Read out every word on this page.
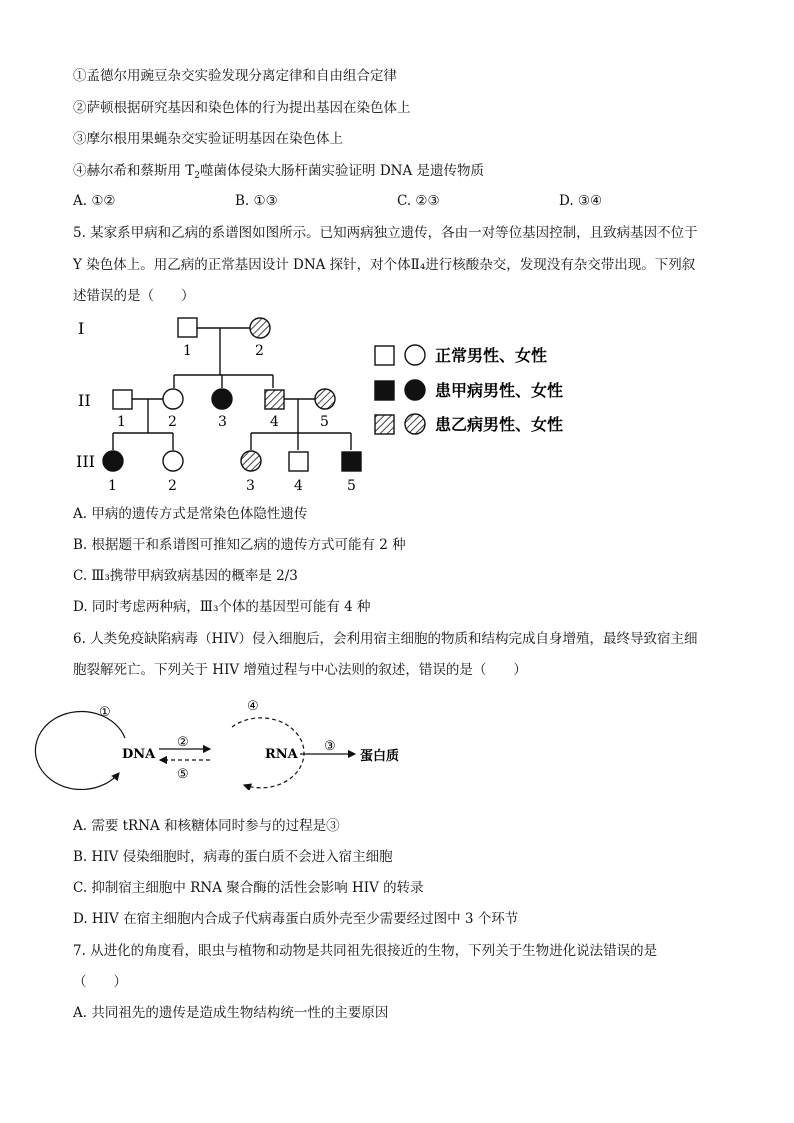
①孟德尔用豌豆杂交实验发现分离定律和自由组合定律
②萨顿根据研究基因和染色体的行为提出基因在染色体上
③摩尔根用果蝇杂交实验证明基因在染色体上
④赫尔希和蔡斯用 $T_2$噬菌体侵染大肠杆菌实验证明 DNA 是遗传物质
A. ①②	B. ①③	C. ②③	D. ③④
5. 某家系甲病和乙病的系谱图如图所示。已知两病独立遗传，各由一对等位基因控制，且致病基因不位于
Y 染色体上。用乙病的正常基因设计 DNA 探针，对个体Ⅱ₄进行核酸杂交，发现没有杂交带出现。下列叙
述错误的是（　　）
I
II
III
1	2
1	2	3	4	5
1	2	3	4	5
正常男性、女性
患甲病男性、女性
患乙病男性、女性
A. 甲病的遗传方式是常染色体隐性遗传
B. 根据题干和系谱图可推知乙病的遗传方式可能有 2 种
C. Ⅲ₃携带甲病致病基因的概率是 2/3
D. 同时考虑两种病，Ⅲ₃个体的基因型可能有 4 种
6. 人类免疫缺陷病毒（HIV）侵入细胞后，会利用宿主细胞的物质和结构完成自身增殖，最终导致宿主细
胞裂解死亡。下列关于 HIV 增殖过程与中心法则的叙述，错误的是（　　）
DNA	RNA	蛋白质
①
②	③
④
⑤
A. 需要 tRNA 和核糖体同时参与的过程是③
B. HIV 侵染细胞时，病毒的蛋白质不会进入宿主细胞
C. 抑制宿主细胞中 RNA 聚合酶的活性会影响 HIV 的转录
D. HIV 在宿主细胞内合成子代病毒蛋白质外壳至少需要经过图中 3 个环节
7. 从进化的角度看，眼虫与植物和动物是共同祖先很接近的生物，下列关于生物进化说法错误的是
（　　）
A. 共同祖先的遗传是造成生物结构统一性的主要原因
